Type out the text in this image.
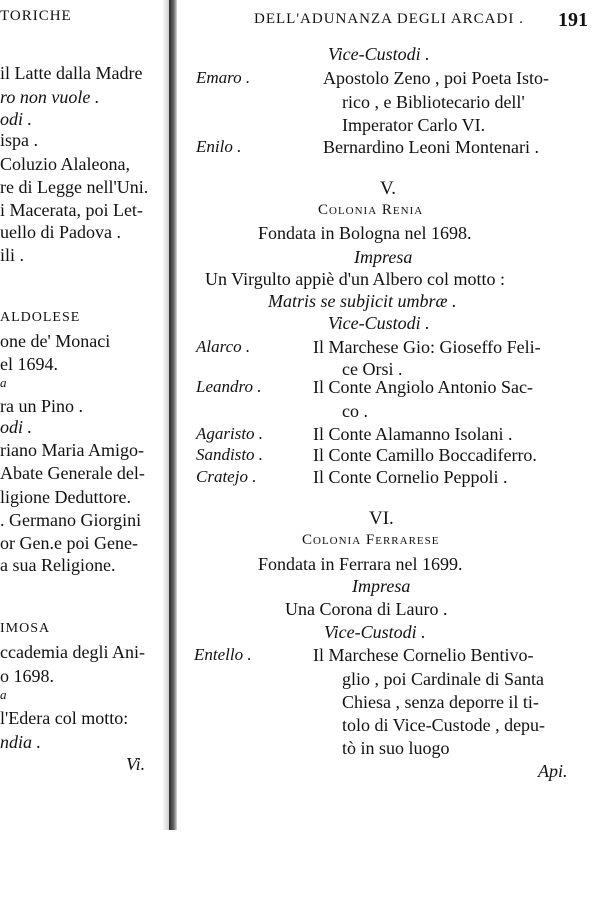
TORICHE
il Latte dalla Madre
ro non vuole .
odi .
ispa .
Coluzio Alaleona,
re di Legge nell'Uni.
i Macerata, poi Let-
uello di Padova .
ili .
ALDOLESE
one de' Monaci
el 1694.
a
ra un Pino .
odi .
riano Maria Amigo-
Abate Generale del-
ligione Deduttore.
. Germano Giorgini
or Gen.e poi Gene-
a sua Religione.
IMOSA
ccademia degli Ani-
o 1698.
a
l'Edera col motto:
ndia .
Vi.
DELL'ADUNANZA DEGLI ARCADI . 191
Vice-Custodi .
Emaro .	Apostolo Zeno , poi Poeta Isto-
rico , e Bibliotecario dell'
Imperator Carlo VI.
Enilo .	Bernardino Leoni Montenari .
V.
Colonia Renia
Fondata in Bologna nel 1698.
Impresa
Un Virgulto appiè d'un Albero col motto :
Matris se subjicit umbræ .
Vice-Custodi .
Alarco .	Il Marchese Gio: Gioseffo Feli-
ce Orsi .
Leandro .	Il Conte Angiolo Antonio Sac-
co .
Agaristo .	Il Conte Alamanno Isolani .
Sandisto .	Il Conte Camillo Boccadiferro.
Cratejo .	Il Conte Cornelio Peppoli .
VI.
Colonia Ferrarese
Fondata in Ferrara nel 1699.
Impresa
Una Corona di Lauro .
Vice-Custodi .
Entello .	Il Marchese Cornelio Bentivo-
glio , poi Cardinale di Santa
Chiesa , senza deporre il ti-
tolo di Vice-Custode , depu-
tò in suo luogo
Api.
